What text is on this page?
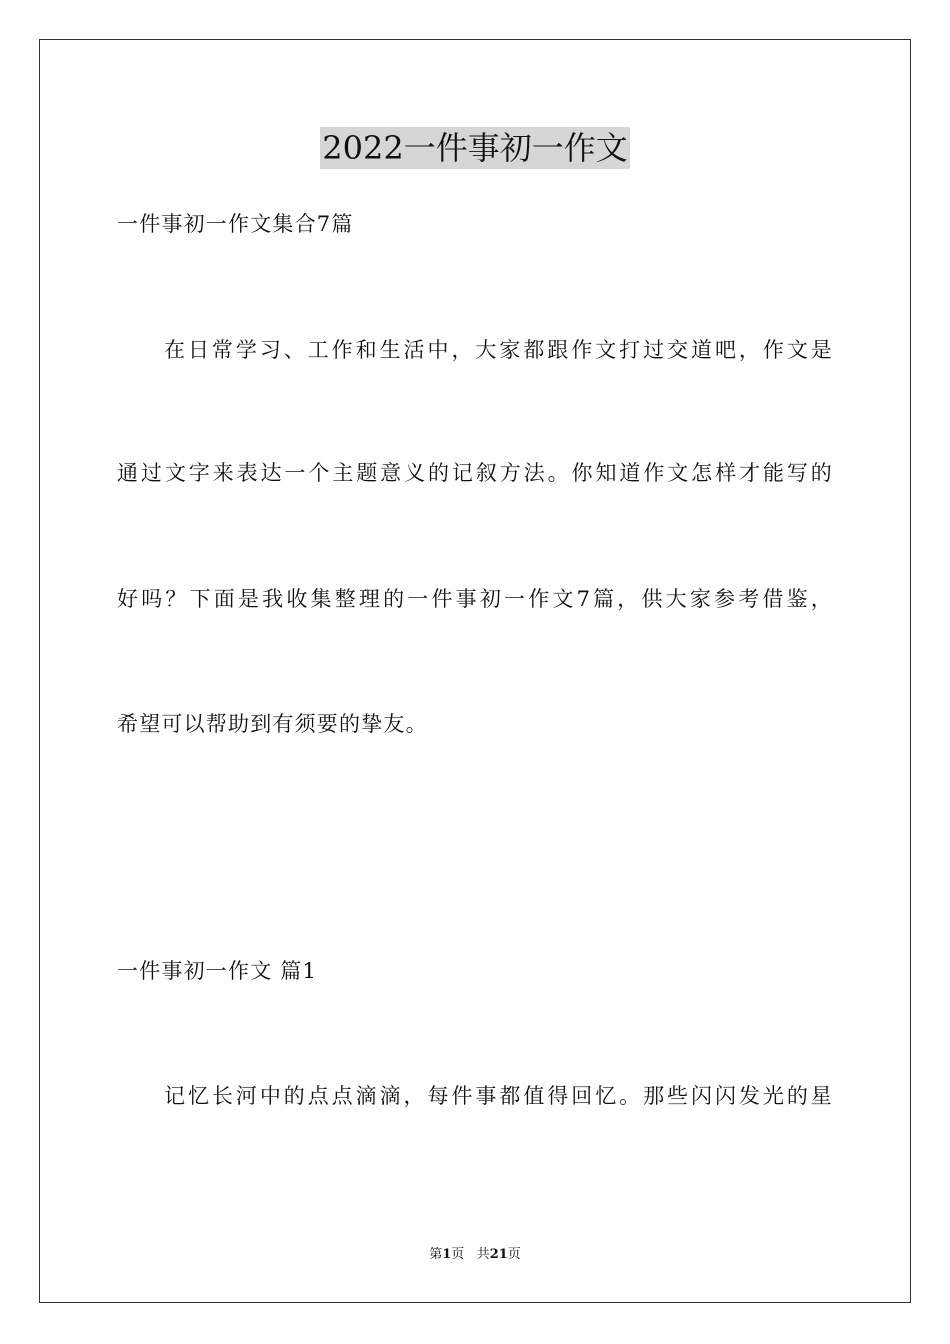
2022一件事初一作文
一件事初一作文集合7篇
在日常学习、工作和生活中，大家都跟作文打过交道吧，作文是
通过文字来表达一个主题意义的记叙方法。你知道作文怎样才能写的
好吗？下面是我收集整理的一件事初一作文7篇，供大家参考借鉴，
希望可以帮助到有须要的挚友。
一件事初一作文 篇1
记忆长河中的点点滴滴，每件事都值得回忆。那些闪闪发光的星
第1页 共21页
